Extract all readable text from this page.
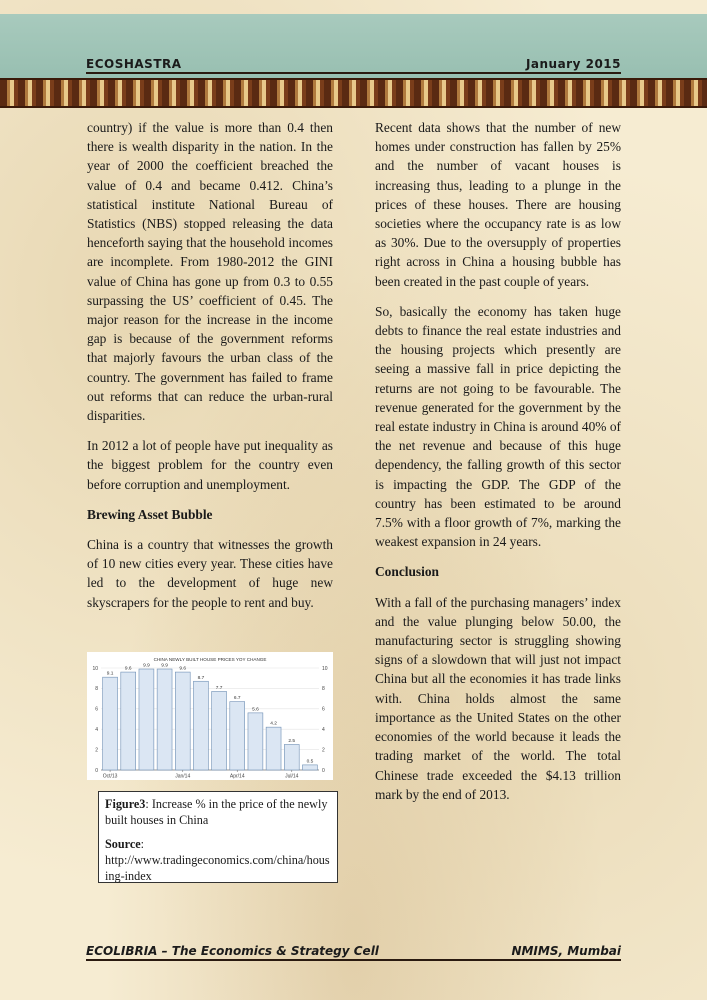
ECOSHASTRA	January 2015

country) if the value is more than 0.4 then there is wealth disparity in the nation. In the year of 2000 the coefficient breached the value of 0.4 and became 0.412. China’s statistical institute National Bureau of Statistics (NBS) stopped releasing the data henceforth saying that the household incomes are incomplete. From 1980-2012 the GINI value of China has gone up from 0.3 to 0.55 surpassing the US’ coefficient of 0.45. The major reason for the increase in the income gap is because of the government reforms that majorly favours the urban class of the country. The government has failed to frame out reforms that can reduce the urban-rural disparities.

In 2012 a lot of people have put inequality as the biggest problem for the country even before corruption and unemployment.

Brewing Asset Bubble

China is a country that witnesses the growth of 10 new cities every year. These cities have led to the development of huge new skyscrapers for the people to rent and buy.

CHINA NEWLY BUILT HOUSE PRICES YOY CHANGE
0	0
2	2
4	4
6	6
8	8
10	10
9.1
9.6
9.9 9.9
9.6
8.7
7.7
6.7
5.6
4.2
2.5
0.5
Oct/13	Jan/14	Apr/14	Jul/14

Figure3: Increase % in the price of the newly built houses in China

Source:
http://www.tradingeconomics.com/china/housing-index

Recent data shows that the number of new homes under construction has fallen by 25% and the number of vacant houses is increasing thus, leading to a plunge in the prices of these houses. There are housing societies where the occupancy rate is as low as 30%. Due to the oversupply of properties right across in China a housing bubble has been created in the past couple of years.

So, basically the economy has taken huge debts to finance the real estate industries and the housing projects which presently are seeing a massive fall in price depicting the returns are not going to be favourable. The revenue generated for the government by the real estate industry in China is around 40% of the net revenue and because of this huge dependency, the falling growth of this sector is impacting the GDP. The GDP of the country has been estimated to be around 7.5% with a floor growth of 7%, marking the weakest expansion in 24 years.

Conclusion

With a fall of the purchasing managers’ index and the value plunging below 50.00, the manufacturing sector is struggling showing signs of a slowdown that will just not impact China but all the economies it has trade links with. China holds almost the same importance as the United States on the other economies of the world because it leads the trading market of the world. The total Chinese trade exceeded the $4.13 trillion mark by the end of 2013.

ECOLIBRIA – The Economics & Strategy Cell	NMIMS, Mumbai
